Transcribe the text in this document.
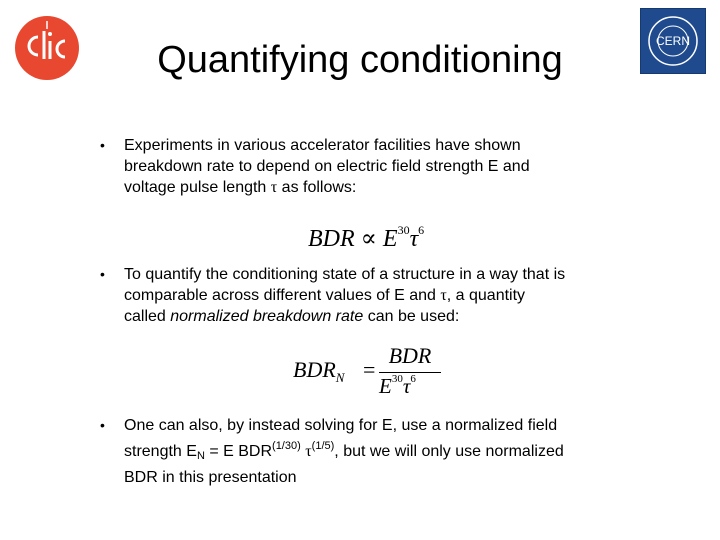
CERN
Quantifying conditioning
• Experiments in various accelerator facilities have shown
breakdown rate to depend on electric field strength E and
voltage pulse length τ as follows:
BDR ∝ $E^{30}\tau^6$
• To quantify the conditioning state of a structure in a way that is
comparable across different values of E and τ, a quantity
called normalized breakdown rate can be used:
$BDR_N$ =
BDR
$E^{30}\tau^6$
• One can also, by instead solving for E, use a normalized field
strength $E_N = E$ $BDR^{(1/30)}$ $\tau^{(1/5)}$, but we will only use normalized
BDR in this presentation
